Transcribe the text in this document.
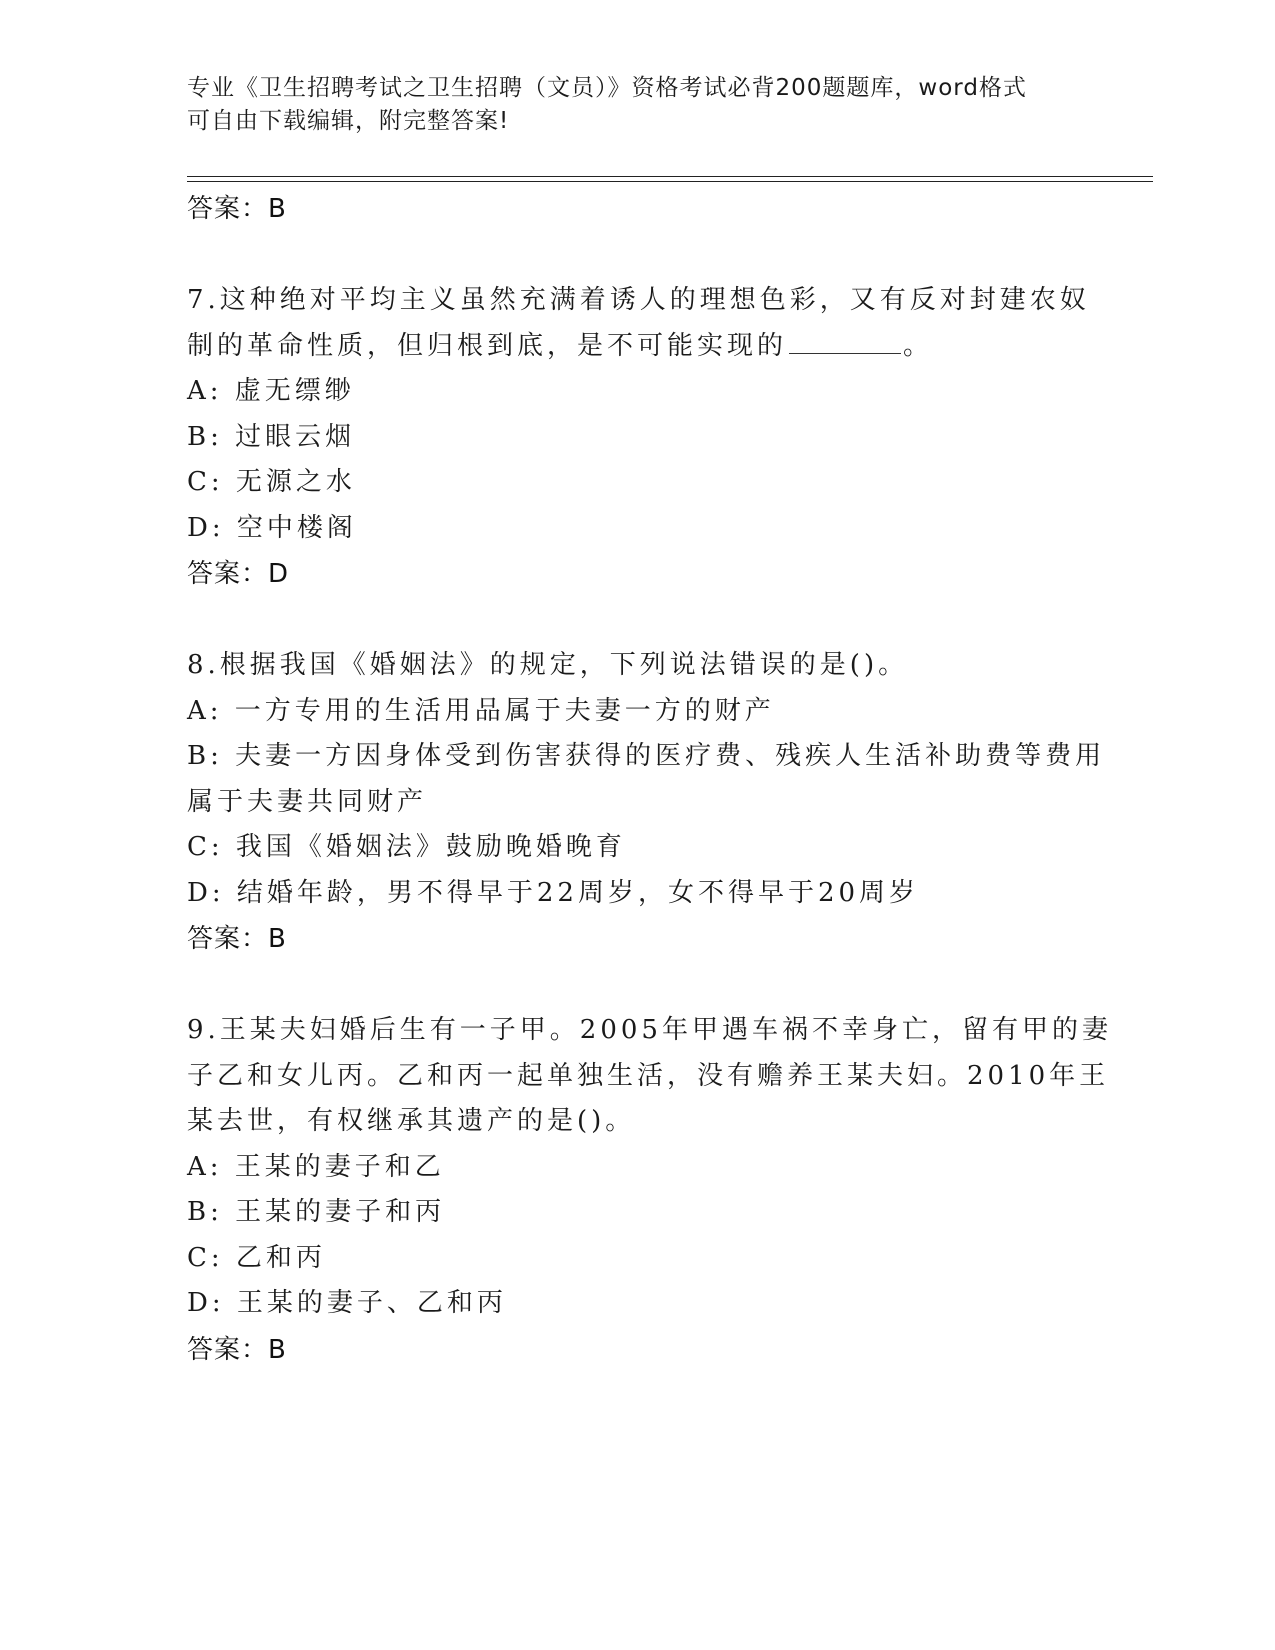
专业《卫生招聘考试之卫生招聘（文员）》资格考试必背200题题库，word格式
可自由下载编辑，附完整答案!
答案：B
7.这种绝对平均主义虽然充满着诱人的理想色彩，又有反对封建农奴
制的革命性质，但归根到底，是不可能实现的	。
A: 虚无缥缈
B: 过眼云烟
C: 无源之水
D: 空中楼阁
答案：D
8.根据我国《婚姻法》的规定，下列说法错误的是()。
A: 一方专用的生活用品属于夫妻一方的财产
B: 夫妻一方因身体受到伤害获得的医疗费、残疾人生活补助费等费用
属于夫妻共同财产
C: 我国《婚姻法》鼓励晚婚晚育
D: 结婚年龄，男不得早于22周岁，女不得早于20周岁
答案：B
9.王某夫妇婚后生有一子甲。2005年甲遇车祸不幸身亡，留有甲的妻
子乙和女儿丙。乙和丙一起单独生活，没有赡养王某夫妇。2010年王
某去世，有权继承其遗产的是()。
A: 王某的妻子和乙
B: 王某的妻子和丙
C: 乙和丙
D: 王某的妻子、乙和丙
答案：B
